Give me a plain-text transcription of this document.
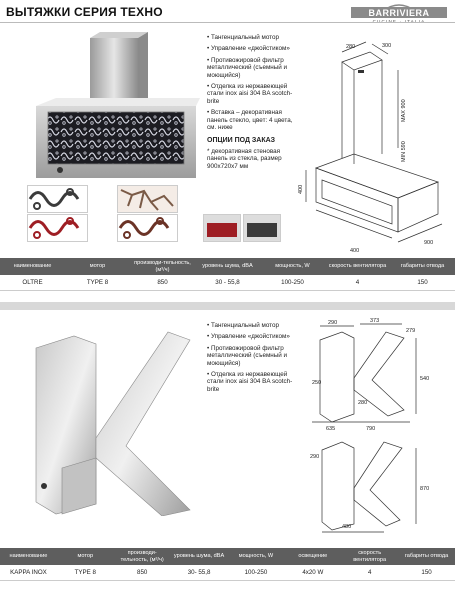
ВЫТЯЖКИ СЕРИЯ ТЕХНО	BARRIVIERA

• Тангенциальный мотор

• Управление «джойстиком»

• Противожировой фильтр металлический (съемный и моющийся)

• Отделка из нержавеющей стали inox aisi 304 BA scotch-brite

• Вставка – декоративная панель стекло, цвет: 4 цвета, см. ниже

ОПЦИИ ПОД ЗАКАЗ

* декоративная стеновая панель из стекла, размер 900х720х7 мм

280	300
MAX 900
MIN 590
400
900
400
наименование	мотор	производи-тельность, (м³/ч)	уровень шума, dBA	мощность, W	скорость вентилятора	габариты отвода
OLTRE	TYPE 8	850	30 - 55,8	100-250	4	150

• Тангенциальный мотор

• Управление «джойстиком»

• Противожировой фильтр металлический (съемный и моющийся)

• Отделка из нержавеющей стали inox aisi 304 BA scotch-brite

290	373
279
250
280
540
635	790
870
480
290
наименование	мотор	производи-тельность, (м³/ч)	уровень шума, dBA	мощность, W	освещение	скорость вентилятора	габариты отвода
KAPPA INOX	TYPE 8	850	30- 55,8	100-250	4х20 W	4	150
